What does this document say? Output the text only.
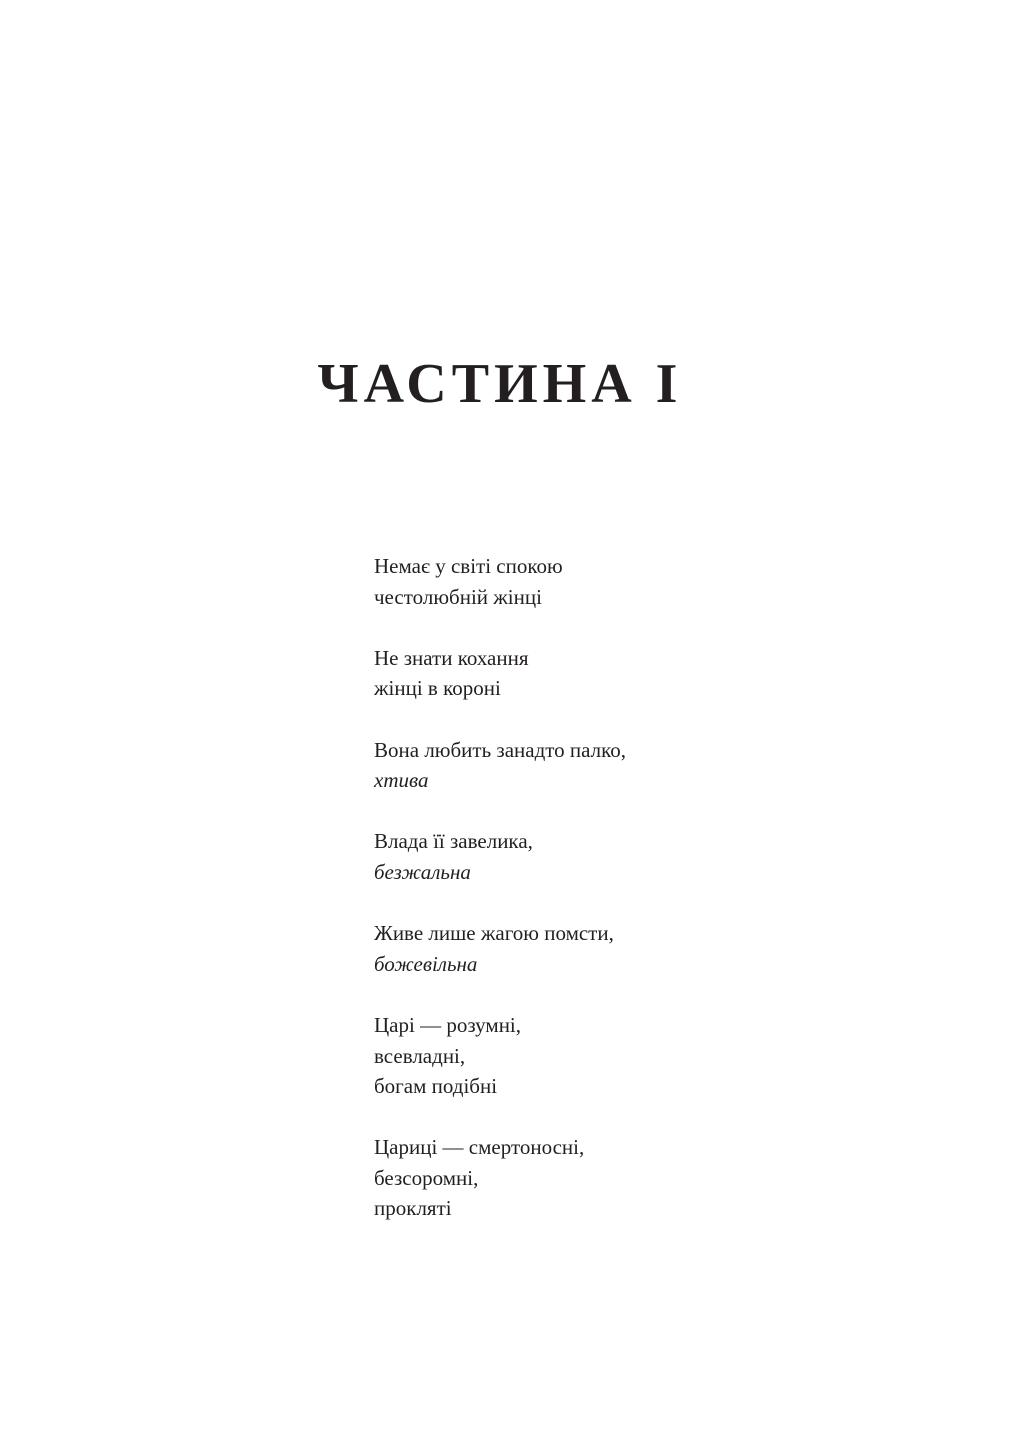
ЧАСТИНА I
Немає у світі спокою
честолюбній жінці
Не знати кохання
жінці в короні
Вона любить занадто палко,
хтива
Влада її завелика,
безжальна
Живе лише жагою помсти,
божевільна
Царі — розумні,
всевладні,
богам подібні
Цариці — смертоносні,
безсоромні,
прокляті
